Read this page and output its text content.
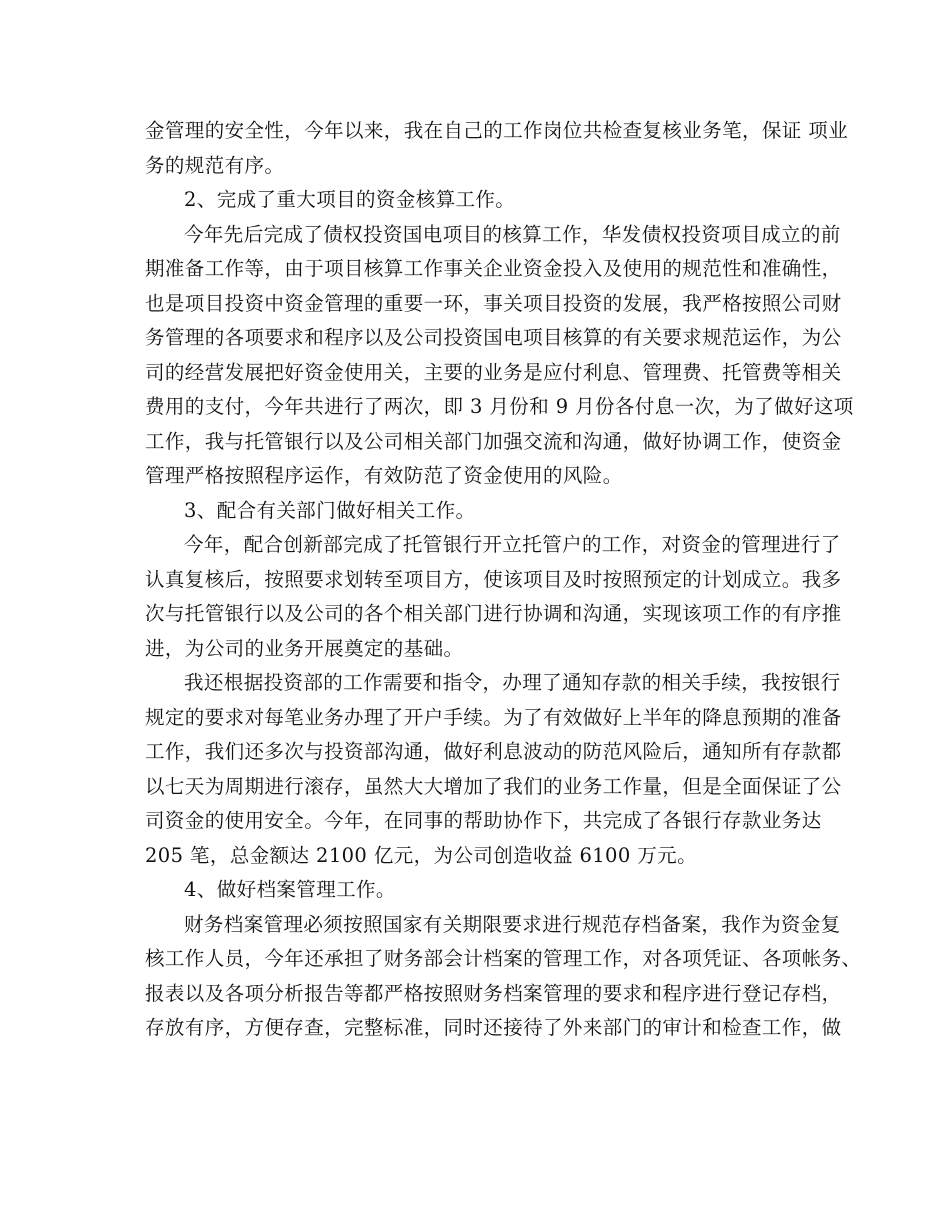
金管理的安全性，今年以来，我在自己的工作岗位共检查复核业务笔，保证 项业
务的规范有序。
2、完成了重大项目的资金核算工作。
今年先后完成了债权投资国电项目的核算工作，华发债权投资项目成立的前
期准备工作等，由于项目核算工作事关企业资金投入及使用的规范性和准确性，
也是项目投资中资金管理的重要一环，事关项目投资的发展，我严格按照公司财
务管理的各项要求和程序以及公司投资国电项目核算的有关要求规范运作，为公
司的经营发展把好资金使用关，主要的业务是应付利息、管理费、托管费等相关
费用的支付，今年共进行了两次，即 3 月份和 9 月份各付息一次，为了做好这项
工作，我与托管银行以及公司相关部门加强交流和沟通，做好协调工作，使资金
管理严格按照程序运作，有效防范了资金使用的风险。
3、配合有关部门做好相关工作。
今年，配合创新部完成了托管银行开立托管户的工作，对资金的管理进行了
认真复核后，按照要求划转至项目方，使该项目及时按照预定的计划成立。我多
次与托管银行以及公司的各个相关部门进行协调和沟通，实现该项工作的有序推
进，为公司的业务开展奠定的基础。
我还根据投资部的工作需要和指令，办理了通知存款的相关手续，我按银行
规定的要求对每笔业务办理了开户手续。为了有效做好上半年的降息预期的准备
工作，我们还多次与投资部沟通，做好利息波动的防范风险后，通知所有存款都
以七天为周期进行滚存，虽然大大增加了我们的业务工作量，但是全面保证了公
司资金的使用安全。今年，在同事的帮助协作下，共完成了各银行存款业务达
205 笔，总金额达 2100 亿元，为公司创造收益 6100 万元。
4、做好档案管理工作。
财务档案管理必须按照国家有关期限要求进行规范存档备案，我作为资金复
核工作人员，今年还承担了财务部会计档案的管理工作，对各项凭证、各项帐务、
报表以及各项分析报告等都严格按照财务档案管理的要求和程序进行登记存档，
存放有序，方便存查，完整标准，同时还接待了外来部门的审计和检查工作，做
